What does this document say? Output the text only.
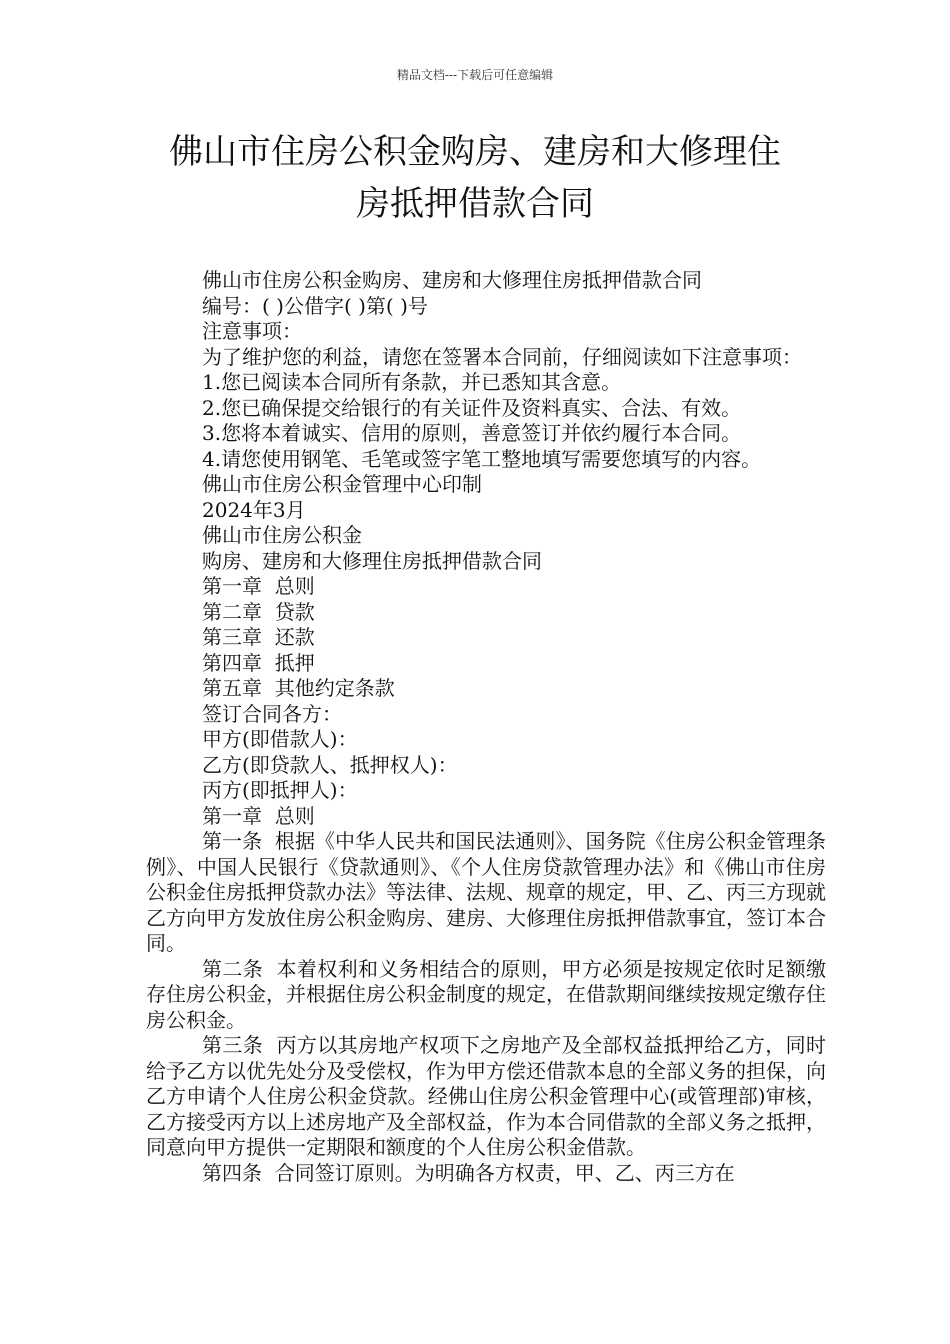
精品文档---下载后可任意编辑
佛山市住房公积金购房、建房和大修理住
房抵押借款合同

佛山市住房公积金购房、建房和大修理住房抵押借款合同

编号：( )公借字( )第( )号

注意事项：

为了维护您的利益，请您在签署本合同前，仔细阅读如下注意事项：

1.您已阅读本合同所有条款，并已悉知其含意。

2.您已确保提交给银行的有关证件及资料真实、合法、有效。

3.您将本着诚实、信用的原则，善意签订并依约履行本合同。

4.请您使用钢笔、毛笔或签字笔工整地填写需要您填写的内容。

佛山市住房公积金管理中心印制

2024年3月

佛山市住房公积金

购房、建房和大修理住房抵押借款合同

第一章  总则

第二章  贷款

第三章  还款

第四章  抵押

第五章  其他约定条款

签订合同各方：

甲方(即借款人)：

乙方(即贷款人、抵押权人)：

丙方(即抵押人)：

第一章  总则

第一条  根据《中华人民共和国民法通则》、国务院《住房公积金管理条例》、中国人民银行《贷款通则》、《个人住房贷款管理办法》和《佛山市住房公积金住房抵押贷款办法》等法律、法规、规章的规定，甲、乙、丙三方现就乙方向甲方发放住房公积金购房、建房、大修理住房抵押借款事宜，签订本合同。

第二条  本着权利和义务相结合的原则，甲方必须是按规定依时足额缴存住房公积金，并根据住房公积金制度的规定，在借款期间继续按规定缴存住房公积金。

第三条  丙方以其房地产权项下之房地产及全部权益抵押给乙方，同时给予乙方以优先处分及受偿权，作为甲方偿还借款本息的全部义务的担保，向乙方申请个人住房公积金贷款。经佛山住房公积金管理中心(或管理部)审核，乙方接受丙方以上述房地产及全部权益，作为本合同借款的全部义务之抵押，同意向甲方提供一定期限和额度的个人住房公积金借款。

第四条  合同签订原则。为明确各方权责，甲、乙、丙三方在
